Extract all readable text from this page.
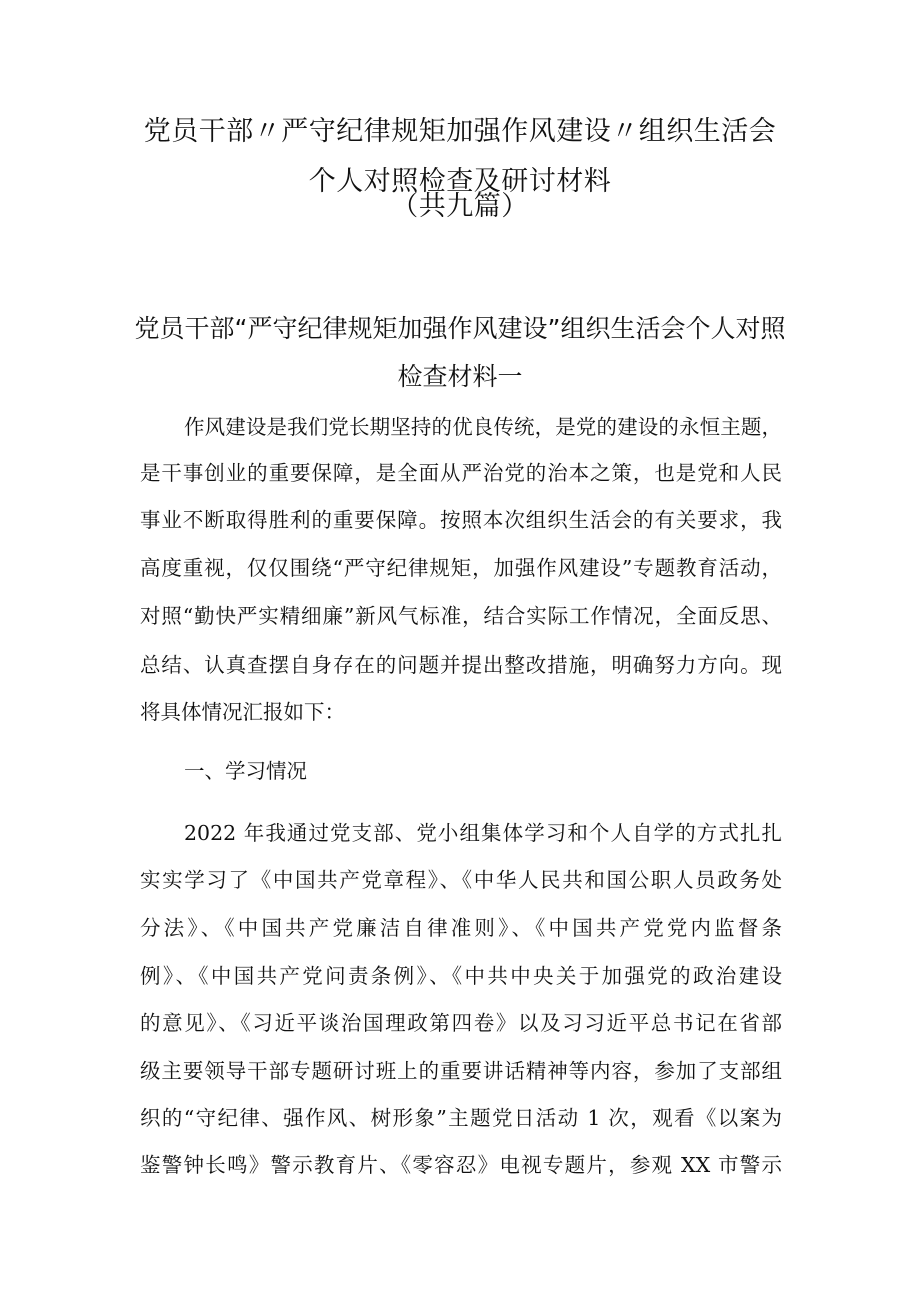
党员干部〃严守纪律规矩加强作风建设〃组织生活会
个人对照检查及研讨材料
（共九篇）
党员干部“严守纪律规矩加强作风建设”组织生活会个人对照
检查材料一
作风建设是我们党长期坚持的优良传统，是党的建设的永恒主题，
是干事创业的重要保障，是全面从严治党的治本之策，也是党和人民
事业不断取得胜利的重要保障。按照本次组织生活会的有关要求，我
高度重视，仅仅围绕“严守纪律规矩，加强作风建设”专题教育活动，
对照“勤快严实精细廉”新风气标准，结合实际工作情况，全面反思、
总结、认真查摆自身存在的问题并提出整改措施，明确努力方向。现
将具体情况汇报如下：
一、学习情况
2022 年我通过党支部、党小组集体学习和个人自学的方式扎扎
实实学习了《中国共产党章程》、《中华人民共和国公职人员政务处
分法》、《中国共产党廉洁自律准则》、《中国共产党党内监督条
例》、《中国共产党问责条例》、《中共中央关于加强党的政治建设
的意见》、《习近平谈治国理政第四卷》以及习习近平总书记在省部
级主要领导干部专题研讨班上的重要讲话精神等内容，参加了支部组
织的“守纪律、强作风、树形象”主题党日活动 1 次，观看《以案为
鉴警钟长鸣》警示教育片、《零容忍》电视专题片，参观 XX 市警示
